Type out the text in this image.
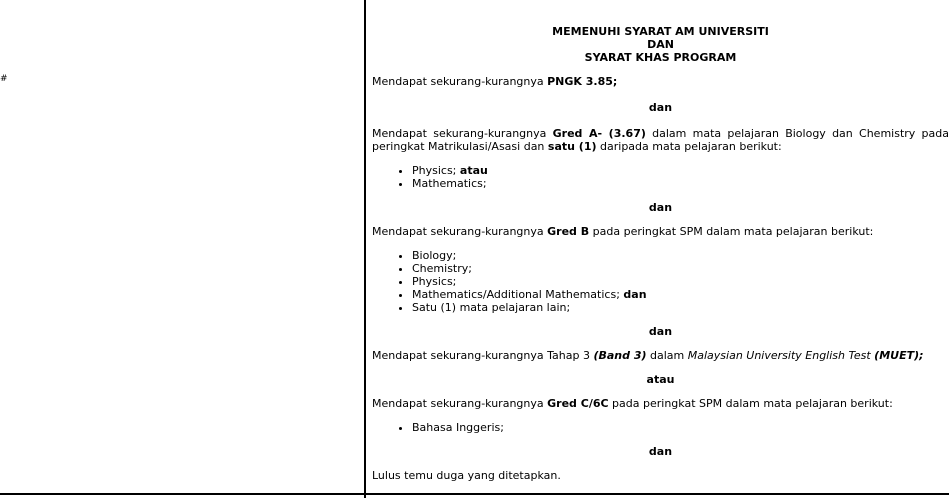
#
MEMENUHI SYARAT AM UNIVERSITI
DAN
SYARAT KHAS PROGRAM

Mendapat sekurang-kurangnya PNGK 3.85;

dan

Mendapat sekurang-kurangnya Gred A- (3.67) dalam mata pelajaran Biology dan Chemistry pada peringkat Matrikulasi/Asasi dan satu (1) daripada mata pelajaran berikut:

• Physics; atau
• Mathematics;
dan

Mendapat sekurang-kurangnya Gred B pada peringkat SPM dalam mata pelajaran berikut:

• Biology;
• Chemistry;
• Physics;
• Mathematics/Additional Mathematics; dan
• Satu (1) mata pelajaran lain;
dan

Mendapat sekurang-kurangnya Tahap 3 (Band 3) dalam Malaysian University English Test (MUET);

atau

Mendapat sekurang-kurangnya Gred C/6C pada peringkat SPM dalam mata pelajaran berikut:

• Bahasa Inggeris;
dan

Lulus temu duga yang ditetapkan.
